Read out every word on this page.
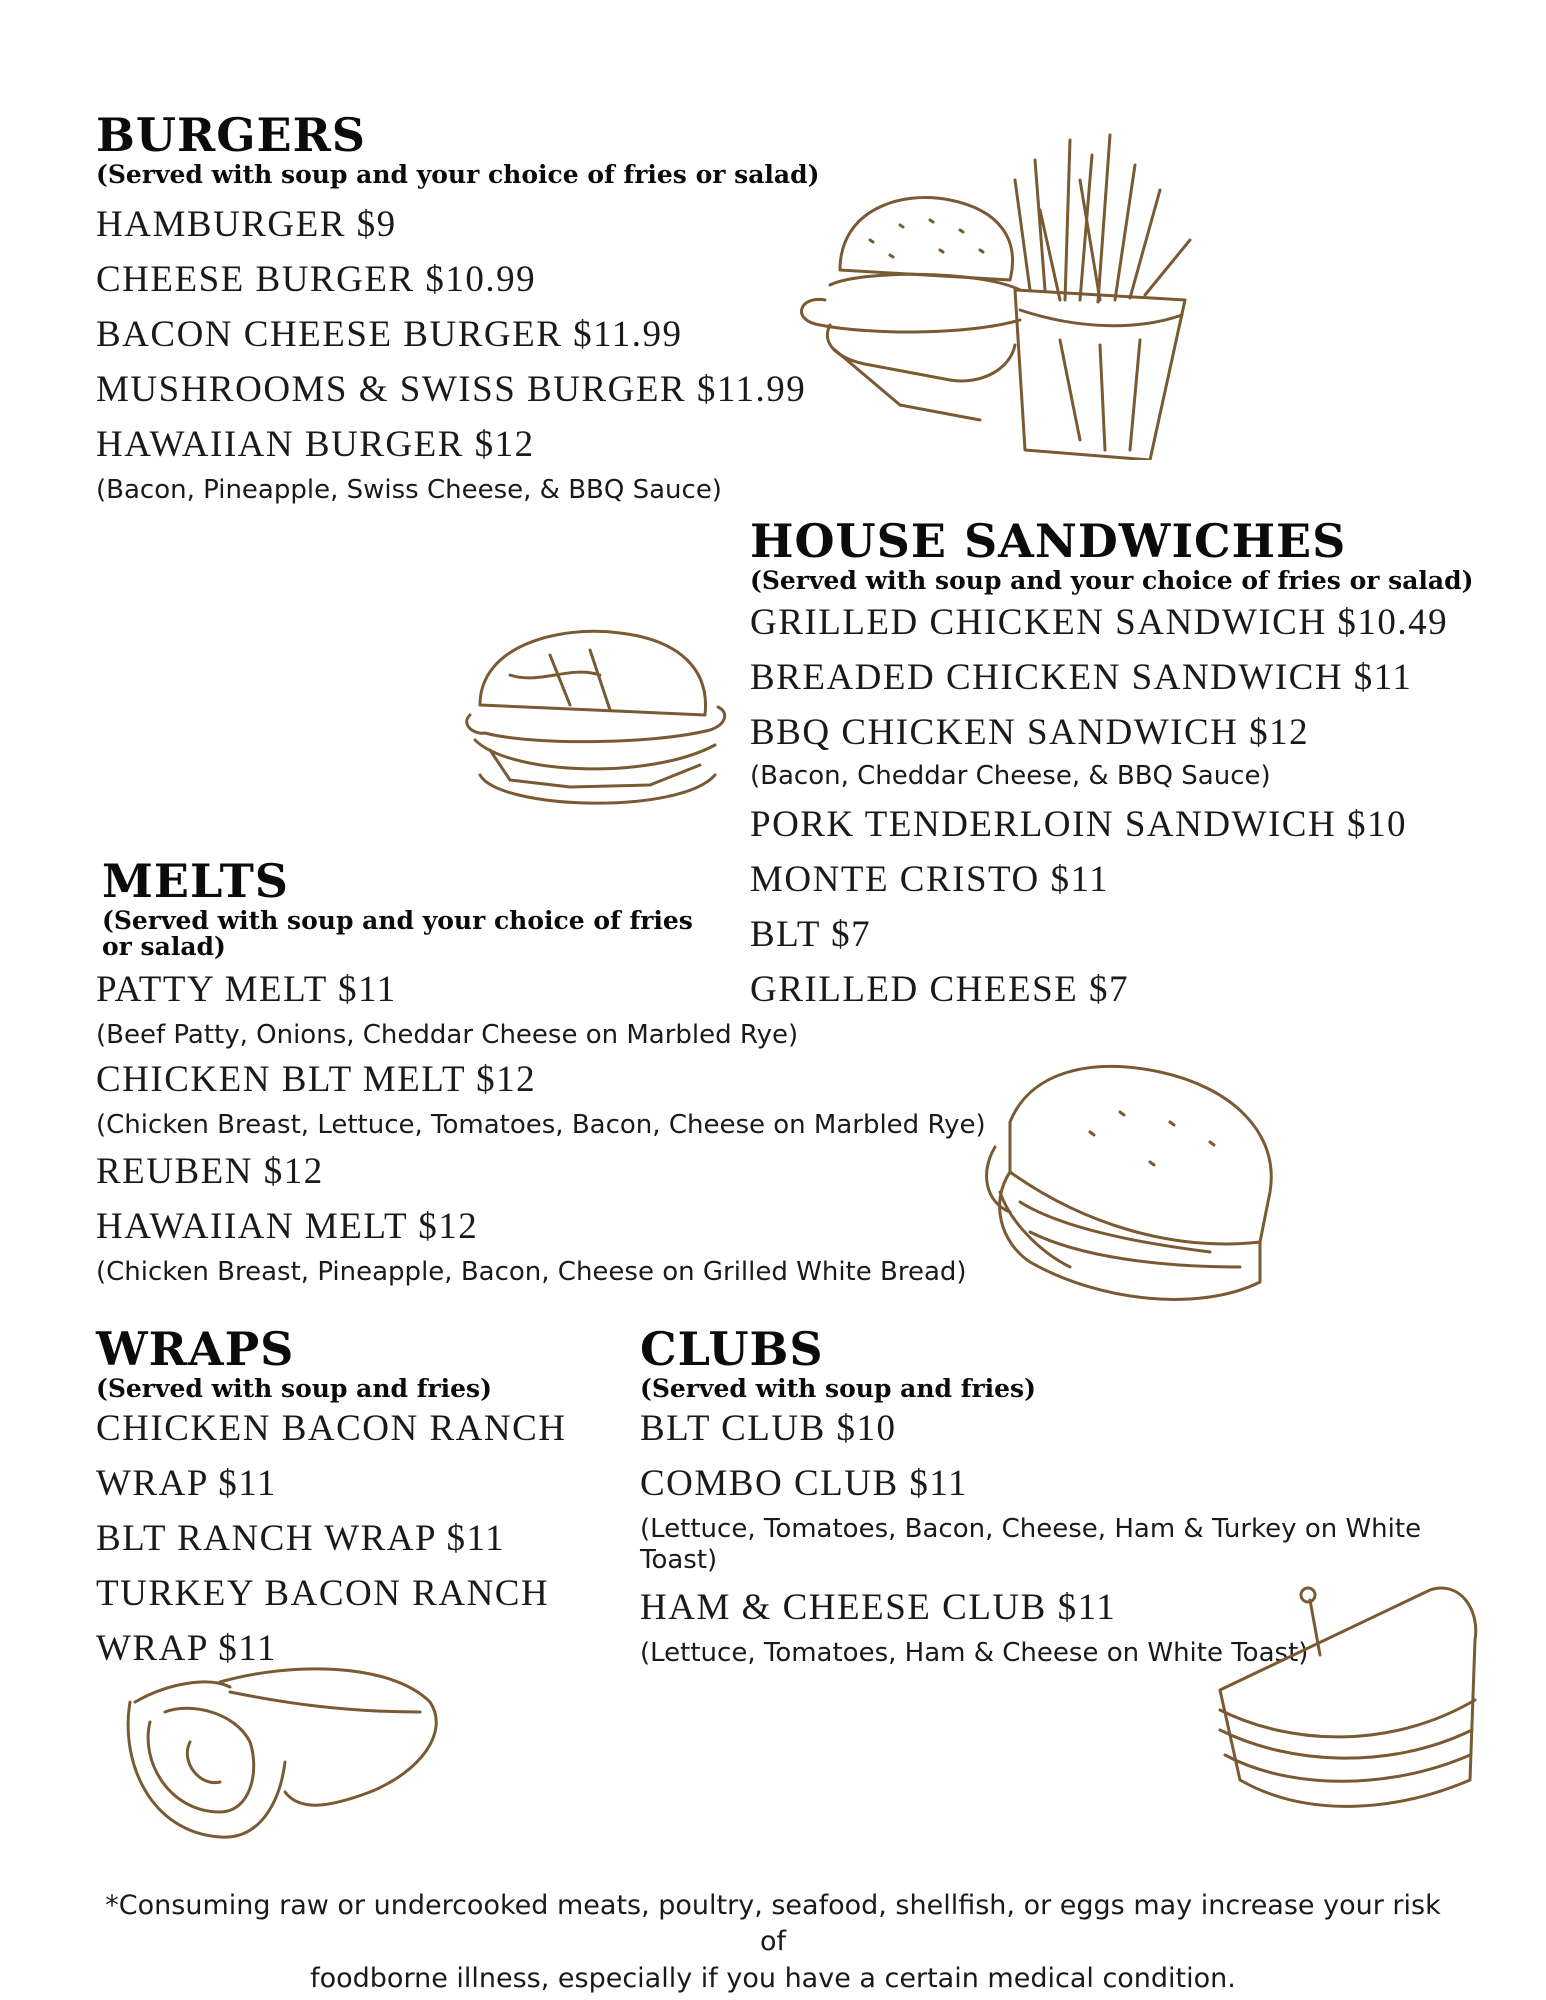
BURGERS

(Served with soup and your choice of fries or salad)

HAMBURGER $9

CHEESE BURGER $10.99

BACON CHEESE BURGER $11.99

MUSHROOMS & SWISS BURGER $11.99

HAWAIIAN BURGER $12

(Bacon, Pineapple, Swiss Cheese, & BBQ Sauce)

HOUSE SANDWICHES

(Served with soup and your choice of fries or salad)

GRILLED CHICKEN SANDWICH $10.49

BREADED CHICKEN SANDWICH $11

BBQ CHICKEN SANDWICH $12

(Bacon, Cheddar Cheese, & BBQ Sauce)

PORK TENDERLOIN SANDWICH $10

MONTE CRISTO $11

BLT $7

GRILLED CHEESE $7

MELTS

(Served with soup and your choice of fries

or salad)

PATTY MELT $11

(Beef Patty, Onions, Cheddar Cheese on Marbled Rye)

CHICKEN BLT MELT $12

(Chicken Breast, Lettuce, Tomatoes, Bacon, Cheese on Marbled Rye)

REUBEN $12

HAWAIIAN MELT $12

(Chicken Breast, Pineapple, Bacon, Cheese on Grilled White Bread)

WRAPS

(Served with soup and fries)

CHICKEN BACON RANCH

WRAP $11

BLT RANCH WRAP $11

TURKEY BACON RANCH

WRAP $11

CLUBS

(Served with soup and fries)

BLT CLUB $10

COMBO CLUB $11

(Lettuce, Tomatoes, Bacon, Cheese, Ham & Turkey on White

Toast)

HAM & CHEESE CLUB $11

(Lettuce, Tomatoes, Ham & Cheese on White Toast)

*Consuming raw or undercooked meats, poultry, seafood, shellfish, or eggs may increase your risk of
foodborne illness, especially if you have a certain medical condition.
